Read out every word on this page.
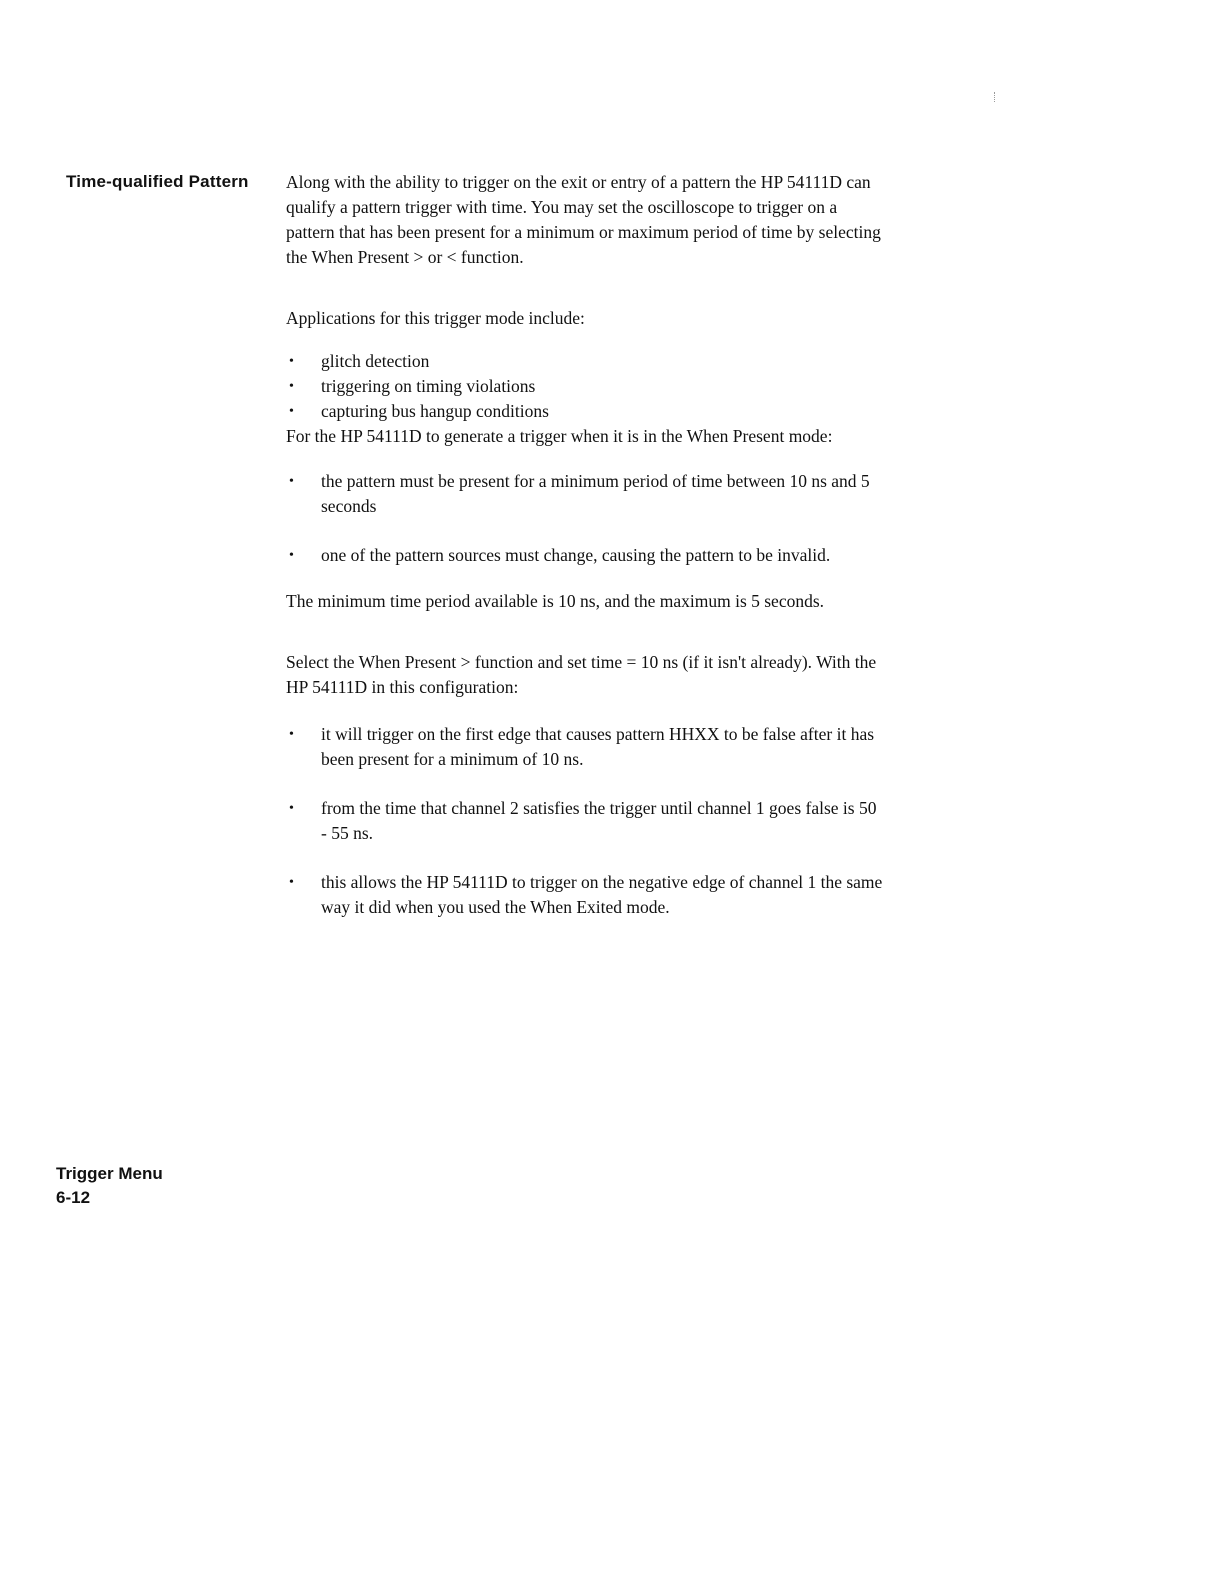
Time-qualified Pattern Along with the ability to trigger on the exit or entry of a pattern the HP 54111D can qualify a pattern trigger with time. You may set the oscilloscope to trigger on a pattern that has been present for a minimum or maximum period of time by selecting the When Present > or < function.

Applications for this trigger mode include:

• glitch detection
• triggering on timing violations
• capturing bus hangup conditions

For the HP 54111D to generate a trigger when it is in the When Present mode:

• the pattern must be present for a minimum period of time between 10 ns and 5 seconds
• one of the pattern sources must change, causing the pattern to be invalid.

The minimum time period available is 10 ns, and the maximum is 5 seconds.

Select the When Present > function and set time = 10 ns (if it isn't already). With the HP 54111D in this configuration:

• it will trigger on the first edge that causes pattern HHXX to be false after it has been present for a minimum of 10 ns.
• from the time that channel 2 satisfies the trigger until channel 1 goes false is 50 - 55 ns.
• this allows the HP 54111D to trigger on the negative edge of channel 1 the same way it did when you used the When Exited mode.
Trigger Menu
6-12
